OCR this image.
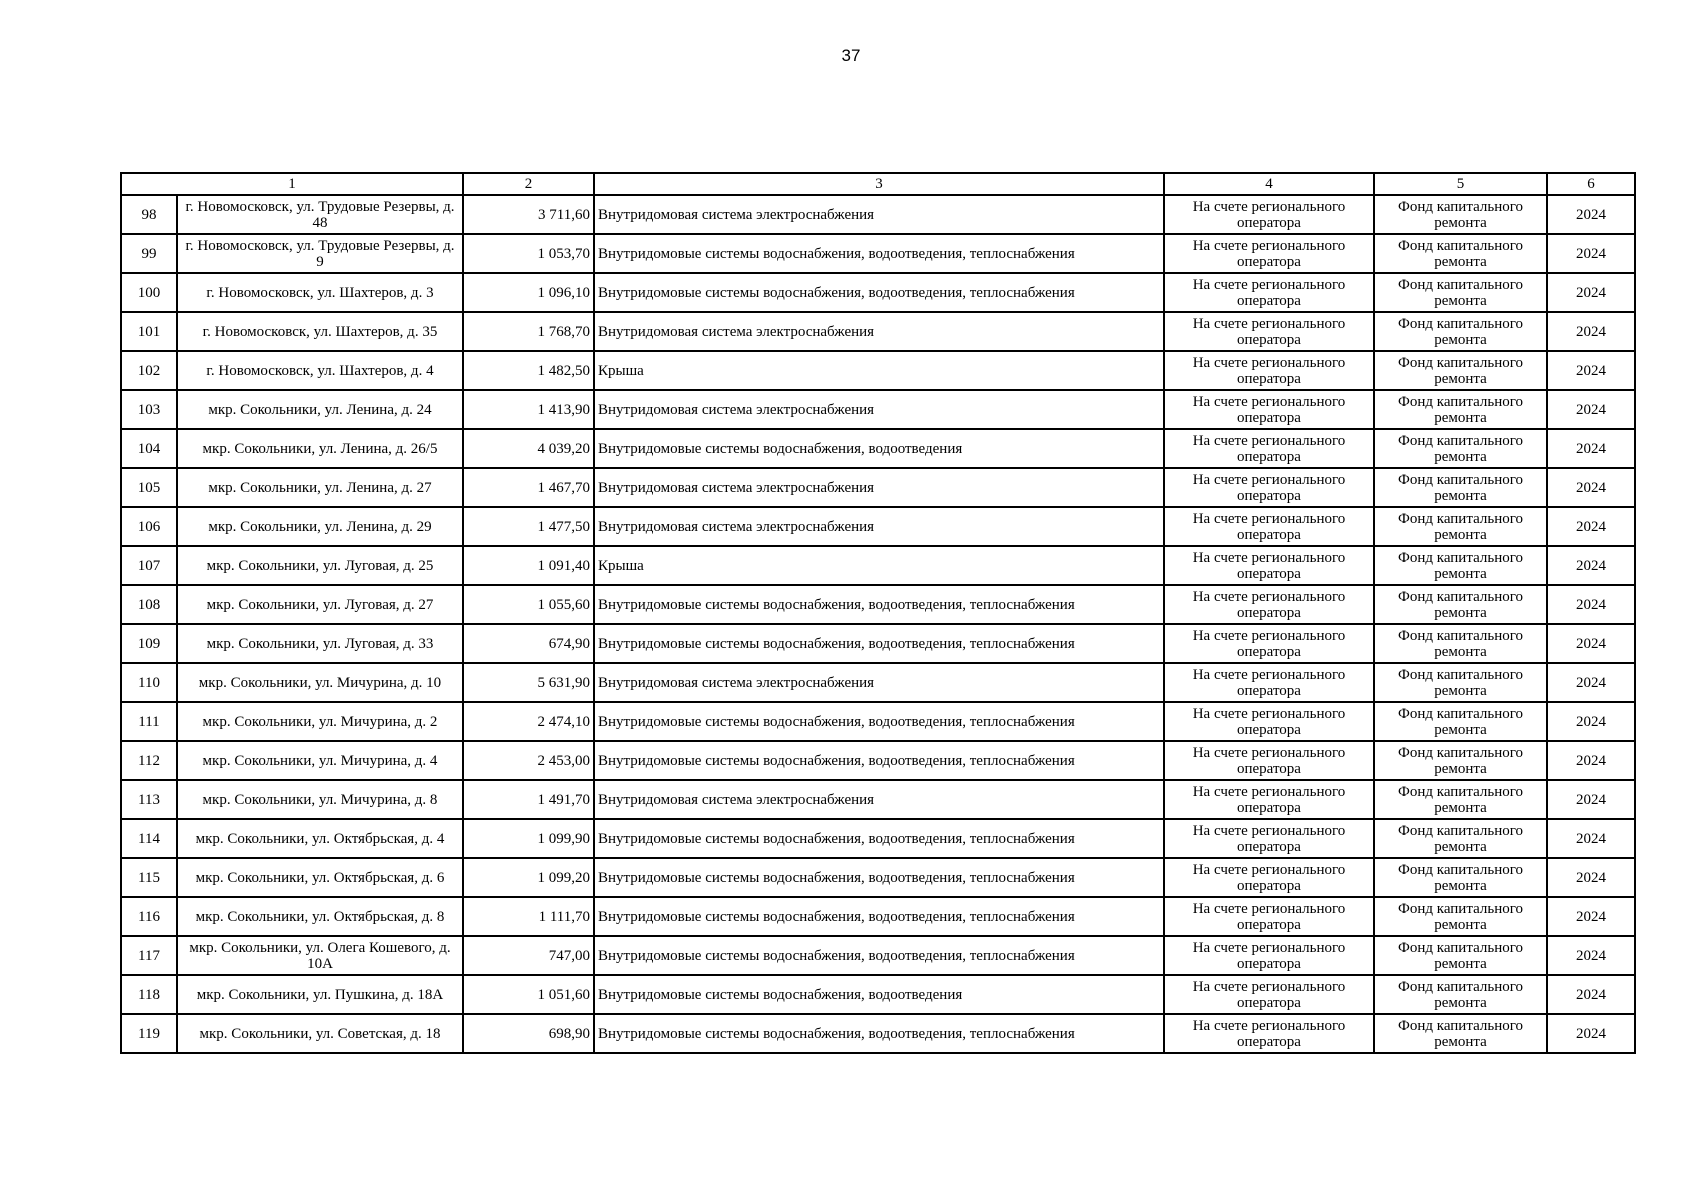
37
1		2	3	4	5	6
98	г. Новомосковск, ул. Трудовые Резервы, д. 48	3 711,60	Внутридомовая система электроснабжения	На счете регионального оператора	Фонд капитального ремонта	2024
99	г. Новомосковск, ул. Трудовые Резервы, д. 9	1 053,70	Внутридомовые системы водоснабжения, водоотведения, теплоснабжения	На счете регионального оператора	Фонд капитального ремонта	2024
100	г. Новомосковск, ул. Шахтеров, д. 3	1 096,10	Внутридомовые системы водоснабжения, водоотведения, теплоснабжения	На счете регионального оператора	Фонд капитального ремонта	2024
101	г. Новомосковск, ул. Шахтеров, д. 35	1 768,70	Внутридомовая система электроснабжения	На счете регионального оператора	Фонд капитального ремонта	2024
102	г. Новомосковск, ул. Шахтеров, д. 4	1 482,50	Крыша	На счете регионального оператора	Фонд капитального ремонта	2024
103	мкр. Сокольники, ул. Ленина, д. 24	1 413,90	Внутридомовая система электроснабжения	На счете регионального оператора	Фонд капитального ремонта	2024
104	мкр. Сокольники, ул. Ленина, д. 26/5	4 039,20	Внутридомовые системы водоснабжения, водоотведения	На счете регионального оператора	Фонд капитального ремонта	2024
105	мкр. Сокольники, ул. Ленина, д. 27	1 467,70	Внутридомовая система электроснабжения	На счете регионального оператора	Фонд капитального ремонта	2024
106	мкр. Сокольники, ул. Ленина, д. 29	1 477,50	Внутридомовая система электроснабжения	На счете регионального оператора	Фонд капитального ремонта	2024
107	мкр. Сокольники, ул. Луговая, д. 25	1 091,40	Крыша	На счете регионального оператора	Фонд капитального ремонта	2024
108	мкр. Сокольники, ул. Луговая, д. 27	1 055,60	Внутридомовые системы водоснабжения, водоотведения, теплоснабжения	На счете регионального оператора	Фонд капитального ремонта	2024
109	мкр. Сокольники, ул. Луговая, д. 33	674,90	Внутридомовые системы водоснабжения, водоотведения, теплоснабжения	На счете регионального оператора	Фонд капитального ремонта	2024
110	мкр. Сокольники, ул. Мичурина, д. 10	5 631,90	Внутридомовая система электроснабжения	На счете регионального оператора	Фонд капитального ремонта	2024
111	мкр. Сокольники, ул. Мичурина, д. 2	2 474,10	Внутридомовые системы водоснабжения, водоотведения, теплоснабжения	На счете регионального оператора	Фонд капитального ремонта	2024
112	мкр. Сокольники, ул. Мичурина, д. 4	2 453,00	Внутридомовые системы водоснабжения, водоотведения, теплоснабжения	На счете регионального оператора	Фонд капитального ремонта	2024
113	мкр. Сокольники, ул. Мичурина, д. 8	1 491,70	Внутридомовая система электроснабжения	На счете регионального оператора	Фонд капитального ремонта	2024
114	мкр. Сокольники, ул. Октябрьская, д. 4	1 099,90	Внутридомовые системы водоснабжения, водоотведения, теплоснабжения	На счете регионального оператора	Фонд капитального ремонта	2024
115	мкр. Сокольники, ул. Октябрьская, д. 6	1 099,20	Внутридомовые системы водоснабжения, водоотведения, теплоснабжения	На счете регионального оператора	Фонд капитального ремонта	2024
116	мкр. Сокольники, ул. Октябрьская, д. 8	1 111,70	Внутридомовые системы водоснабжения, водоотведения, теплоснабжения	На счете регионального оператора	Фонд капитального ремонта	2024
117	мкр. Сокольники, ул. Олега Кошевого, д. 10А	747,00	Внутридомовые системы водоснабжения, водоотведения, теплоснабжения	На счете регионального оператора	Фонд капитального ремонта	2024
118	мкр. Сокольники, ул. Пушкина, д. 18А	1 051,60	Внутридомовые системы водоснабжения, водоотведения	На счете регионального оператора	Фонд капитального ремонта	2024
119	мкр. Сокольники, ул. Советская, д. 18	698,90	Внутридомовые системы водоснабжения, водоотведения, теплоснабжения	На счете регионального оператора	Фонд капитального ремонта	2024
